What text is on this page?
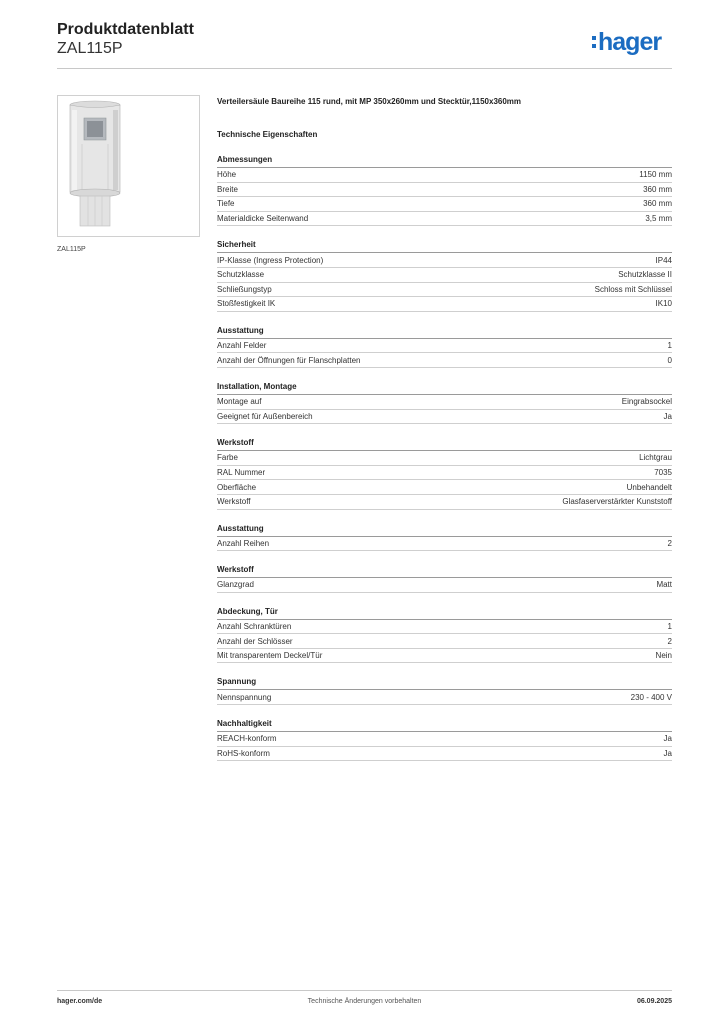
Produktdatenblatt
ZAL115P	hager
ZAL115P
Verteilersäule Baureihe 115 rund, mit MP 350x260mm und Stecktür,1150x360mm
Technische Eigenschaften
Abmessungen
Höhe	1150 mm
Breite	360 mm
Tiefe	360 mm
Materialdicke Seitenwand	3,5 mm
Sicherheit
IP-Klasse (Ingress Protection)	IP44
Schutzklasse	Schutzklasse II
Schließungstyp	Schloss mit Schlüssel
Stoßfestigkeit IK	IK10
Ausstattung
Anzahl Felder	1
Anzahl der Öffnungen für Flanschplatten	0
Installation, Montage
Montage auf	Eingrabsockel
Geeignet für Außenbereich	Ja
Werkstoff
Farbe	Lichtgrau
RAL Nummer	7035
Oberfläche	Unbehandelt
Werkstoff	Glasfaserverstärkter Kunststoff
Ausstattung
Anzahl Reihen	2
Werkstoff
Glanzgrad	Matt
Abdeckung, Tür
Anzahl Schranktüren	1
Anzahl der Schlösser	2
Mit transparentem Deckel/Tür	Nein
Spannung
Nennspannung	230 - 400 V
Nachhaltigkeit
REACH-konform	Ja
RoHS-konform	Ja
hager.com/de	Technische Änderungen vorbehalten	06.09.2025
